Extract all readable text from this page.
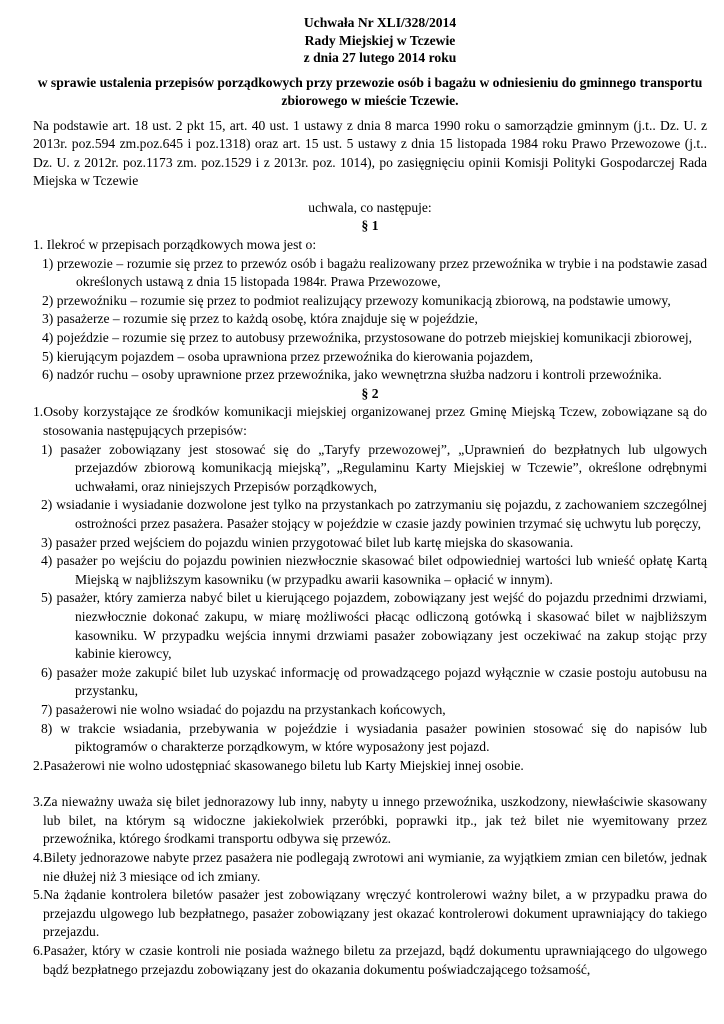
Uchwała Nr XLI/328/2014
Rady Miejskiej w Tczewie
z dnia 27 lutego 2014 roku
w sprawie ustalenia przepisów porządkowych przy przewozie osób i bagażu w odniesieniu do gminnego transportu zbiorowego w mieście Tczewie.
Na podstawie art. 18 ust. 2 pkt 15, art. 40 ust. 1 ustawy z dnia 8 marca 1990 roku o samorządzie gminnym (j.t.. Dz. U. z 2013r. poz.594 zm.poz.645 i poz.1318) oraz art. 15 ust. 5 ustawy z dnia 15 listopada 1984 roku Prawo Przewozowe (j.t.. Dz. U. z 2012r. poz.1173 zm. poz.1529 i z 2013r. poz. 1014), po zasięgnięciu opinii Komisji Polityki Gospodarczej Rada Miejska w Tczewie
uchwala, co następuje:
§ 1
1. Ilekroć w przepisach porządkowych mowa jest o:
1) przewozie – rozumie się przez to przewóz osób i bagażu realizowany przez przewoźnika w trybie i na podstawie zasad określonych ustawą z dnia 15 listopada 1984r. Prawa Przewozowe,
2) przewoźniku – rozumie się przez to podmiot realizujący przewozy komunikacją zbiorową, na podstawie umowy,
3) pasażerze – rozumie się przez to każdą osobę, która znajduje się w pojeździe,
4) pojeździe – rozumie się przez to autobusy przewoźnika, przystosowane do potrzeb miejskiej komunikacji zbiorowej,
5) kierującym pojazdem – osoba uprawniona przez przewoźnika do kierowania pojazdem,
6) nadzór ruchu – osoby uprawnione przez przewoźnika, jako wewnętrzna służba nadzoru i kontroli przewoźnika.
§ 2
1.Osoby korzystające ze środków komunikacji miejskiej organizowanej przez Gminę Miejską Tczew, zobowiązane są do stosowania następujących przepisów:
1) pasażer zobowiązany jest stosować się do „Taryfy przewozowej”, „Uprawnień do bezpłatnych lub ulgowych przejazdów zbiorową komunikacją miejską”, „Regulaminu Karty Miejskiej w Tczewie”, określone odrębnymi uchwałami, oraz niniejszych Przepisów porządkowych,
2) wsiadanie i wysiadanie dozwolone jest tylko na przystankach po zatrzymaniu się pojazdu, z zachowaniem szczególnej ostrożności przez pasażera. Pasażer stojący w pojeździe w czasie jazdy powinien trzymać się uchwytu lub poręczy,
3) pasażer przed wejściem do pojazdu winien przygotować bilet lub kartę miejska do skasowania.
4) pasażer po wejściu do pojazdu powinien niezwłocznie skasować bilet odpowiedniej wartości lub wnieść opłatę Kartą Miejską w najbliższym kasowniku (w przypadku awarii kasownika – opłacić w innym).
5) pasażer, który zamierza nabyć bilet u kierującego pojazdem, zobowiązany jest wejść do pojazdu przednimi drzwiami, niezwłocznie dokonać zakupu, w miarę możliwości płacąc odliczoną gotówką i skasować bilet w najbliższym kasowniku. W przypadku wejścia innymi drzwiami pasażer zobowiązany jest oczekiwać na zakup stojąc przy kabinie kierowcy,
6) pasażer może zakupić bilet lub uzyskać informację od prowadzącego pojazd wyłącznie w czasie postoju autobusu na przystanku,
7) pasażerowi nie wolno wsiadać do pojazdu na przystankach końcowych,
8) w trakcie wsiadania, przebywania w pojeździe i wysiadania pasażer powinien stosować się do napisów lub piktogramów o charakterze porządkowym, w które wyposażony jest pojazd.
2.Pasażerowi nie wolno udostępniać skasowanego biletu lub Karty Miejskiej innej osobie.
3.Za nieważny uważa się bilet jednorazowy lub inny, nabyty u innego przewoźnika, uszkodzony, niewłaściwie skasowany lub bilet, na którym są widoczne jakiekolwiek przeróbki, poprawki itp., jak też bilet nie wyemitowany przez przewoźnika, którego środkami transportu odbywa się przewóz.
4.Bilety jednorazowe nabyte przez pasażera nie podlegają zwrotowi ani wymianie, za wyjątkiem zmian cen biletów, jednak nie dłużej niż 3 miesiące od ich zmiany.
5.Na żądanie kontrolera biletów pasażer jest zobowiązany wręczyć kontrolerowi ważny bilet, a w przypadku prawa do przejazdu ulgowego lub bezpłatnego, pasażer zobowiązany jest okazać kontrolerowi dokument uprawniający do takiego przejazdu.
6.Pasażer, który w czasie kontroli nie posiada ważnego biletu za przejazd, bądź dokumentu uprawniającego do ulgowego bądź bezpłatnego przejazdu zobowiązany jest do okazania dokumentu poświadczającego tożsamość,
